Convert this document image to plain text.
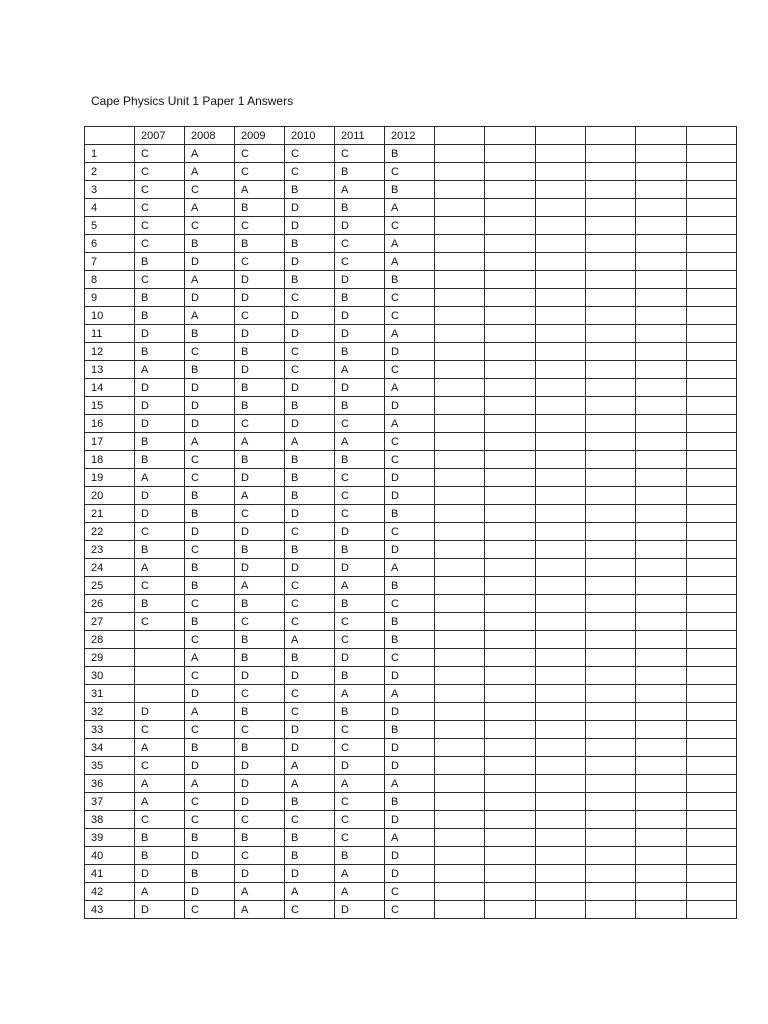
Cape Physics Unit 1 Paper 1 Answers
	2007	2008	2009	2010	2011	2012						
1	C	A	C	C	C	B						
2	C	A	C	C	B	C						
3	C	C	A	B	A	B						
4	C	A	B	D	B	A						
5	C	C	C	D	D	C						
6	C	B	B	B	C	A						
7	B	D	C	D	C	A						
8	C	A	D	B	D	B						
9	B	D	D	C	B	C						
10	B	A	C	D	D	C						
11	D	B	D	D	D	A						
12	B	C	B	C	B	D						
13	A	B	D	C	A	C						
14	D	D	B	D	D	A						
15	D	D	B	B	B	D						
16	D	D	C	D	C	A						
17	B	A	A	A	A	C						
18	B	C	B	B	B	C						
19	A	C	D	B	C	D						
20	D	B	A	B	C	D						
21	D	B	C	D	C	B						
22	C	D	D	C	D	C						
23	B	C	B	B	B	D						
24	A	B	D	D	D	A						
25	C	B	A	C	A	B						
26	B	C	B	C	B	C						
27	C	B	C	C	C	B						
28		C	B	A	C	B						
29		A	B	B	D	C						
30		C	D	D	B	D						
31		D	C	C	A	A						
32	D	A	B	C	B	D						
33	C	C	C	D	C	B						
34	A	B	B	D	C	D						
35	C	D	D	A	D	D						
36	A	A	D	A	A	A						
37	A	C	D	B	C	B						
38	C	C	C	C	C	D						
39	B	B	B	B	C	A						
40	B	D	C	B	B	D						
41	D	B	D	D	A	D						
42	A	D	A	A	A	C						
43	D	C	A	C	D	C						
